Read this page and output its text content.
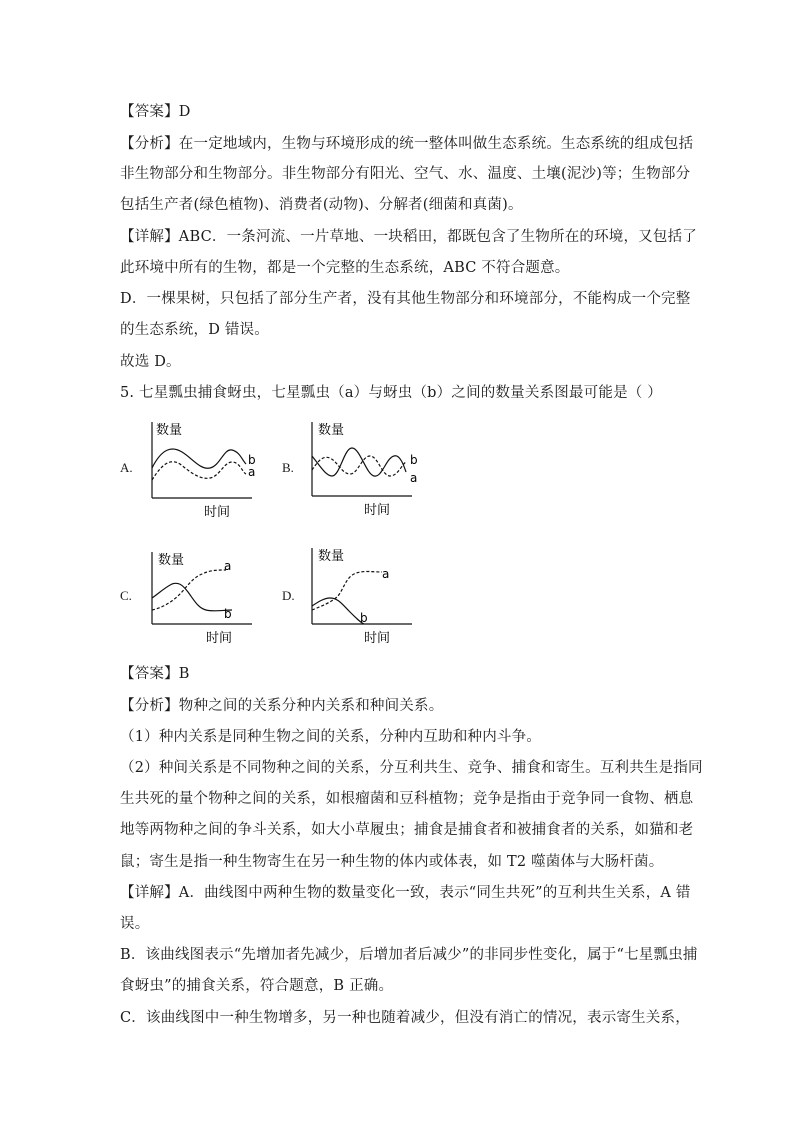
【答案】D
【分析】在一定地域内，生物与环境形成的统一整体叫做生态系统。生态系统的组成包括
非生物部分和生物部分。非生物部分有阳光、空气、水、温度、土壤(泥沙)等；生物部分
包括生产者(绿色植物)、消费者(动物)、分解者(细菌和真菌)。
【详解】ABC．一条河流、一片草地、一块稻田，都既包含了生物所在的环境，又包括了
此环境中所有的生物，都是一个完整的生态系统，ABC 不符合题意。
D．一棵果树，只包括了部分生产者，没有其他生物部分和环境部分，不能构成一个完整
的生态系统，D 错误。
故选 D。
5. 七星瓢虫捕食蚜虫，七星瓢虫（a）与蚜虫（b）之间的数量关系图最可能是（ ）
A.
数量
时间
b
a B.
数量
时间
b
a
C.
数量
时间
a
b
D.
数量
时间
a
b
【答案】B
【分析】物种之间的关系分种内关系和种间关系。
（1）种内关系是同种生物之间的关系，分种内互助和种内斗争。
（2）种间关系是不同物种之间的关系，分互利共生、竞争、捕食和寄生。互利共生是指同
生共死的量个物种之间的关系，如根瘤菌和豆科植物；竞争是指由于竞争同一食物、栖息
地等两物种之间的争斗关系，如大小草履虫；捕食是捕食者和被捕食者的关系，如猫和老
鼠；寄生是指一种生物寄生在另一种生物的体内或体表，如 T2 噬菌体与大肠杆菌。
【详解】A．曲线图中两种生物的数量变化一致，表示“同生共死”的互利共生关系，A 错
误。
B．该曲线图表示“先增加者先减少，后增加者后减少”的非同步性变化，属于“七星瓢虫捕
食蚜虫”的捕食关系，符合题意，B 正确。
C．该曲线图中一种生物增多，另一种也随着减少，但没有消亡的情况，表示寄生关系，
